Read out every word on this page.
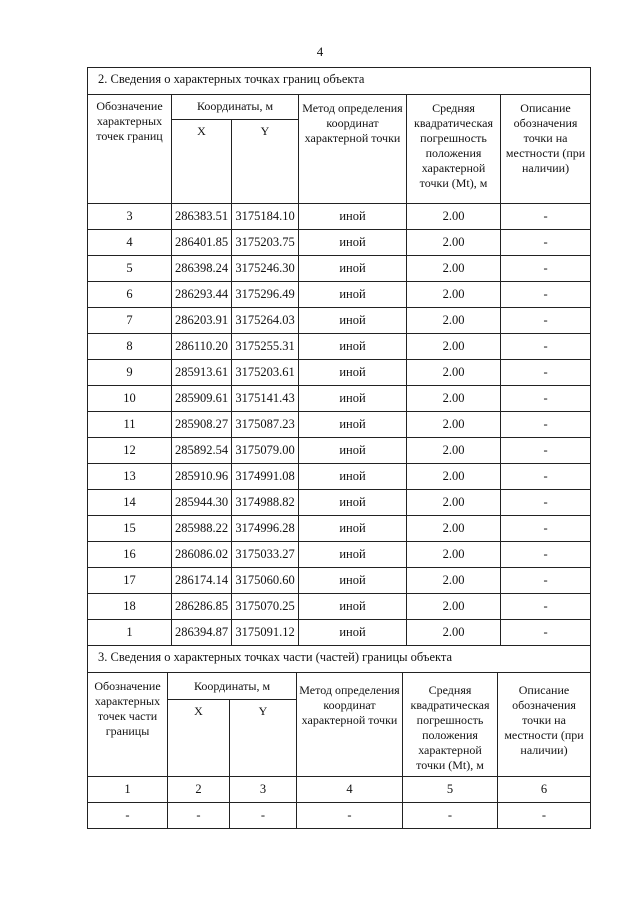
4
2. Сведения о характерных точках границ объекта					
Обозначение характерных точек границ	Координаты, м		Метод определения координат характерной точки	Средняя квадратическая погрешность положения характерной точки (Mt), м	Описание обозначения точки на местности (при наличии)
	X	Y			
3	286383.51	3175184.10	иной	2.00	-
4	286401.85	3175203.75	иной	2.00	-
5	286398.24	3175246.30	иной	2.00	-
6	286293.44	3175296.49	иной	2.00	-
7	286203.91	3175264.03	иной	2.00	-
8	286110.20	3175255.31	иной	2.00	-
9	285913.61	3175203.61	иной	2.00	-
10	285909.61	3175141.43	иной	2.00	-
11	285908.27	3175087.23	иной	2.00	-
12	285892.54	3175079.00	иной	2.00	-
13	285910.96	3174991.08	иной	2.00	-
14	285944.30	3174988.82	иной	2.00	-
15	285988.22	3174996.28	иной	2.00	-
16	286086.02	3175033.27	иной	2.00	-
17	286174.14	3175060.60	иной	2.00	-
18	286286.85	3175070.25	иной	2.00	-
1	286394.87	3175091.12	иной	2.00	-
3. Сведения о характерных точках части (частей) границы объекта					
Обозначение характерных точек части границы	Координаты, м		Метод определения координат характерной точки	Средняя квадратическая погрешность положения характерной точки (Mt), м	Описание обозначения точки на местности (при наличии)
	X	Y			
1	2	3	4	5	6
-	-	-	-	-	-
